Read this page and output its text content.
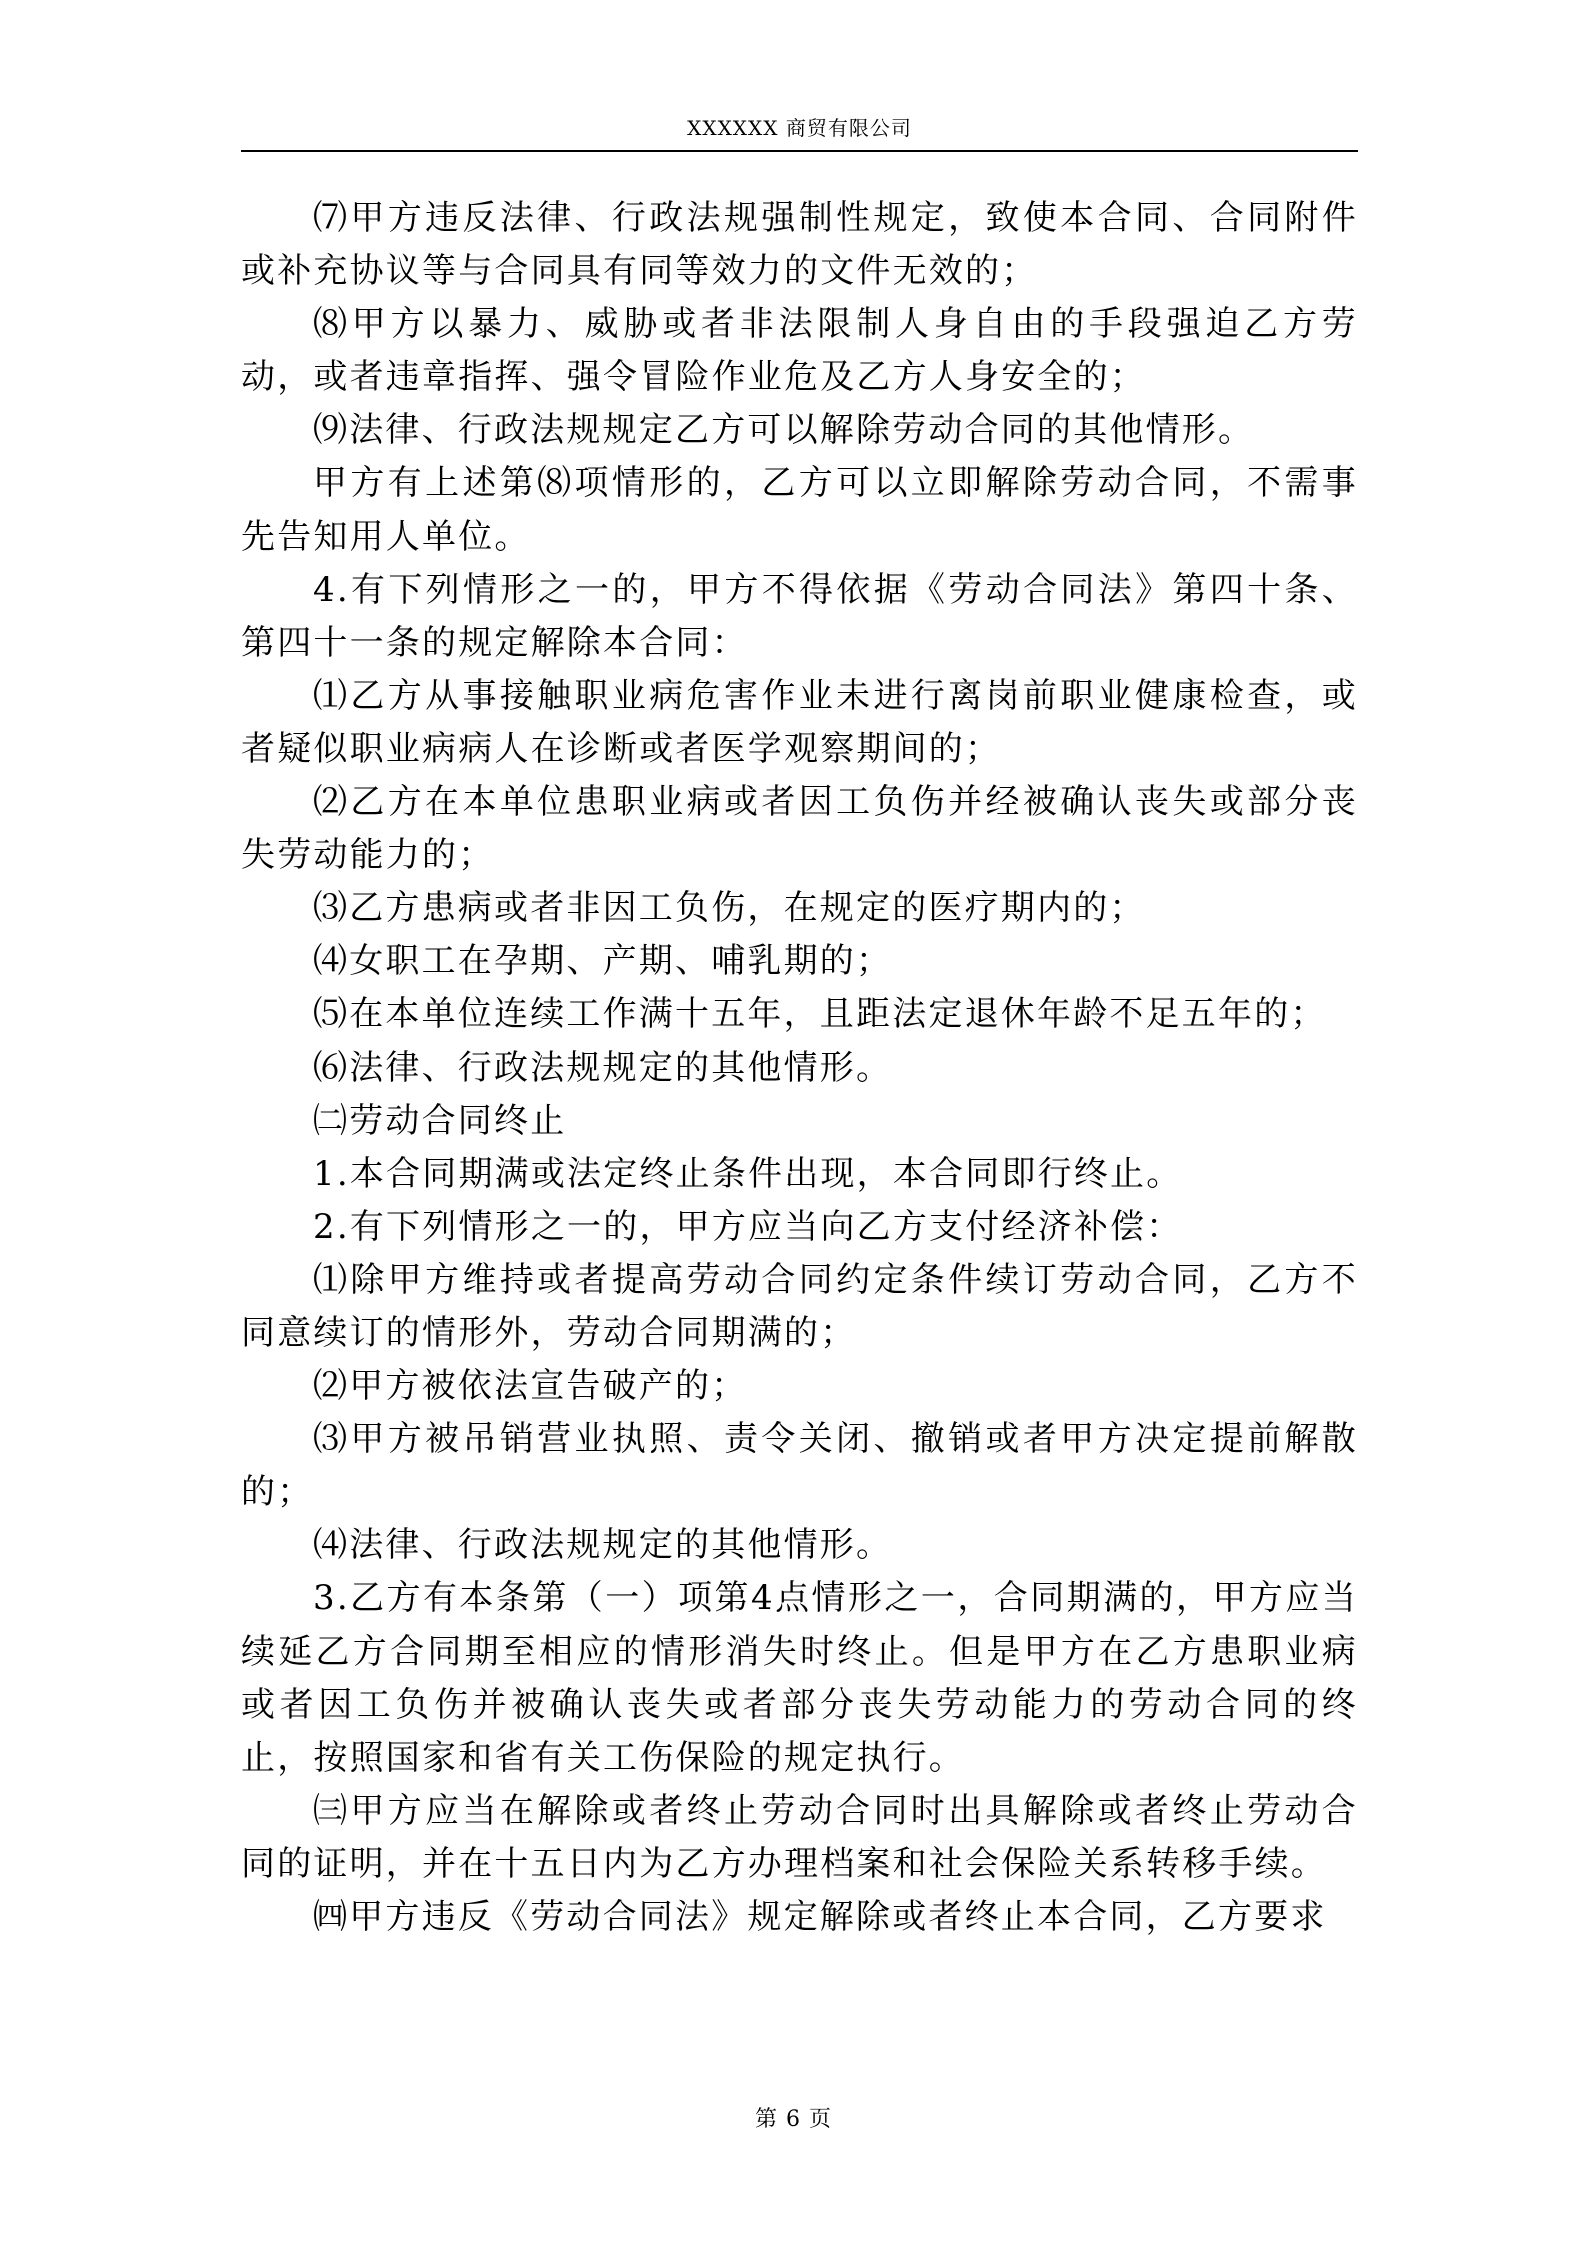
XXXXXX 商贸有限公司

⑺甲方违反法律、行政法规强制性规定，致使本合同、合同附件或补充协议等与合同具有同等效力的文件无效的；

⑻甲方以暴力、威胁或者非法限制人身自由的手段强迫乙方劳动，或者违章指挥、强令冒险作业危及乙方人身安全的；

⑼法律、行政法规规定乙方可以解除劳动合同的其他情形。

甲方有上述第⑻项情形的，乙方可以立即解除劳动合同，不需事先告知用人单位。

4.有下列情形之一的，甲方不得依据《劳动合同法》第四十条、第四十一条的规定解除本合同：

⑴乙方从事接触职业病危害作业未进行离岗前职业健康检查，或者疑似职业病病人在诊断或者医学观察期间的；

⑵乙方在本单位患职业病或者因工负伤并经被确认丧失或部分丧失劳动能力的；

⑶乙方患病或者非因工负伤，在规定的医疗期内的；

⑷女职工在孕期、产期、哺乳期的；

⑸在本单位连续工作满十五年，且距法定退休年龄不足五年的；

⑹法律、行政法规规定的其他情形。

㈡劳动合同终止

1.本合同期满或法定终止条件出现，本合同即行终止。

2.有下列情形之一的，甲方应当向乙方支付经济补偿：

⑴除甲方维持或者提高劳动合同约定条件续订劳动合同，乙方不同意续订的情形外，劳动合同期满的；

⑵甲方被依法宣告破产的；

⑶甲方被吊销营业执照、责令关闭、撤销或者甲方决定提前解散的；

⑷法律、行政法规规定的其他情形。

3.乙方有本条第（一）项第4点情形之一，合同期满的，甲方应当续延乙方合同期至相应的情形消失时终止。但是甲方在乙方患职业病或者因工负伤并被确认丧失或者部分丧失劳动能力的劳动合同的终止，按照国家和省有关工伤保险的规定执行。

㈢甲方应当在解除或者终止劳动合同时出具解除或者终止劳动合同的证明，并在十五日内为乙方办理档案和社会保险关系转移手续。

㈣甲方违反《劳动合同法》规定解除或者终止本合同，乙方要求

第 6 页
